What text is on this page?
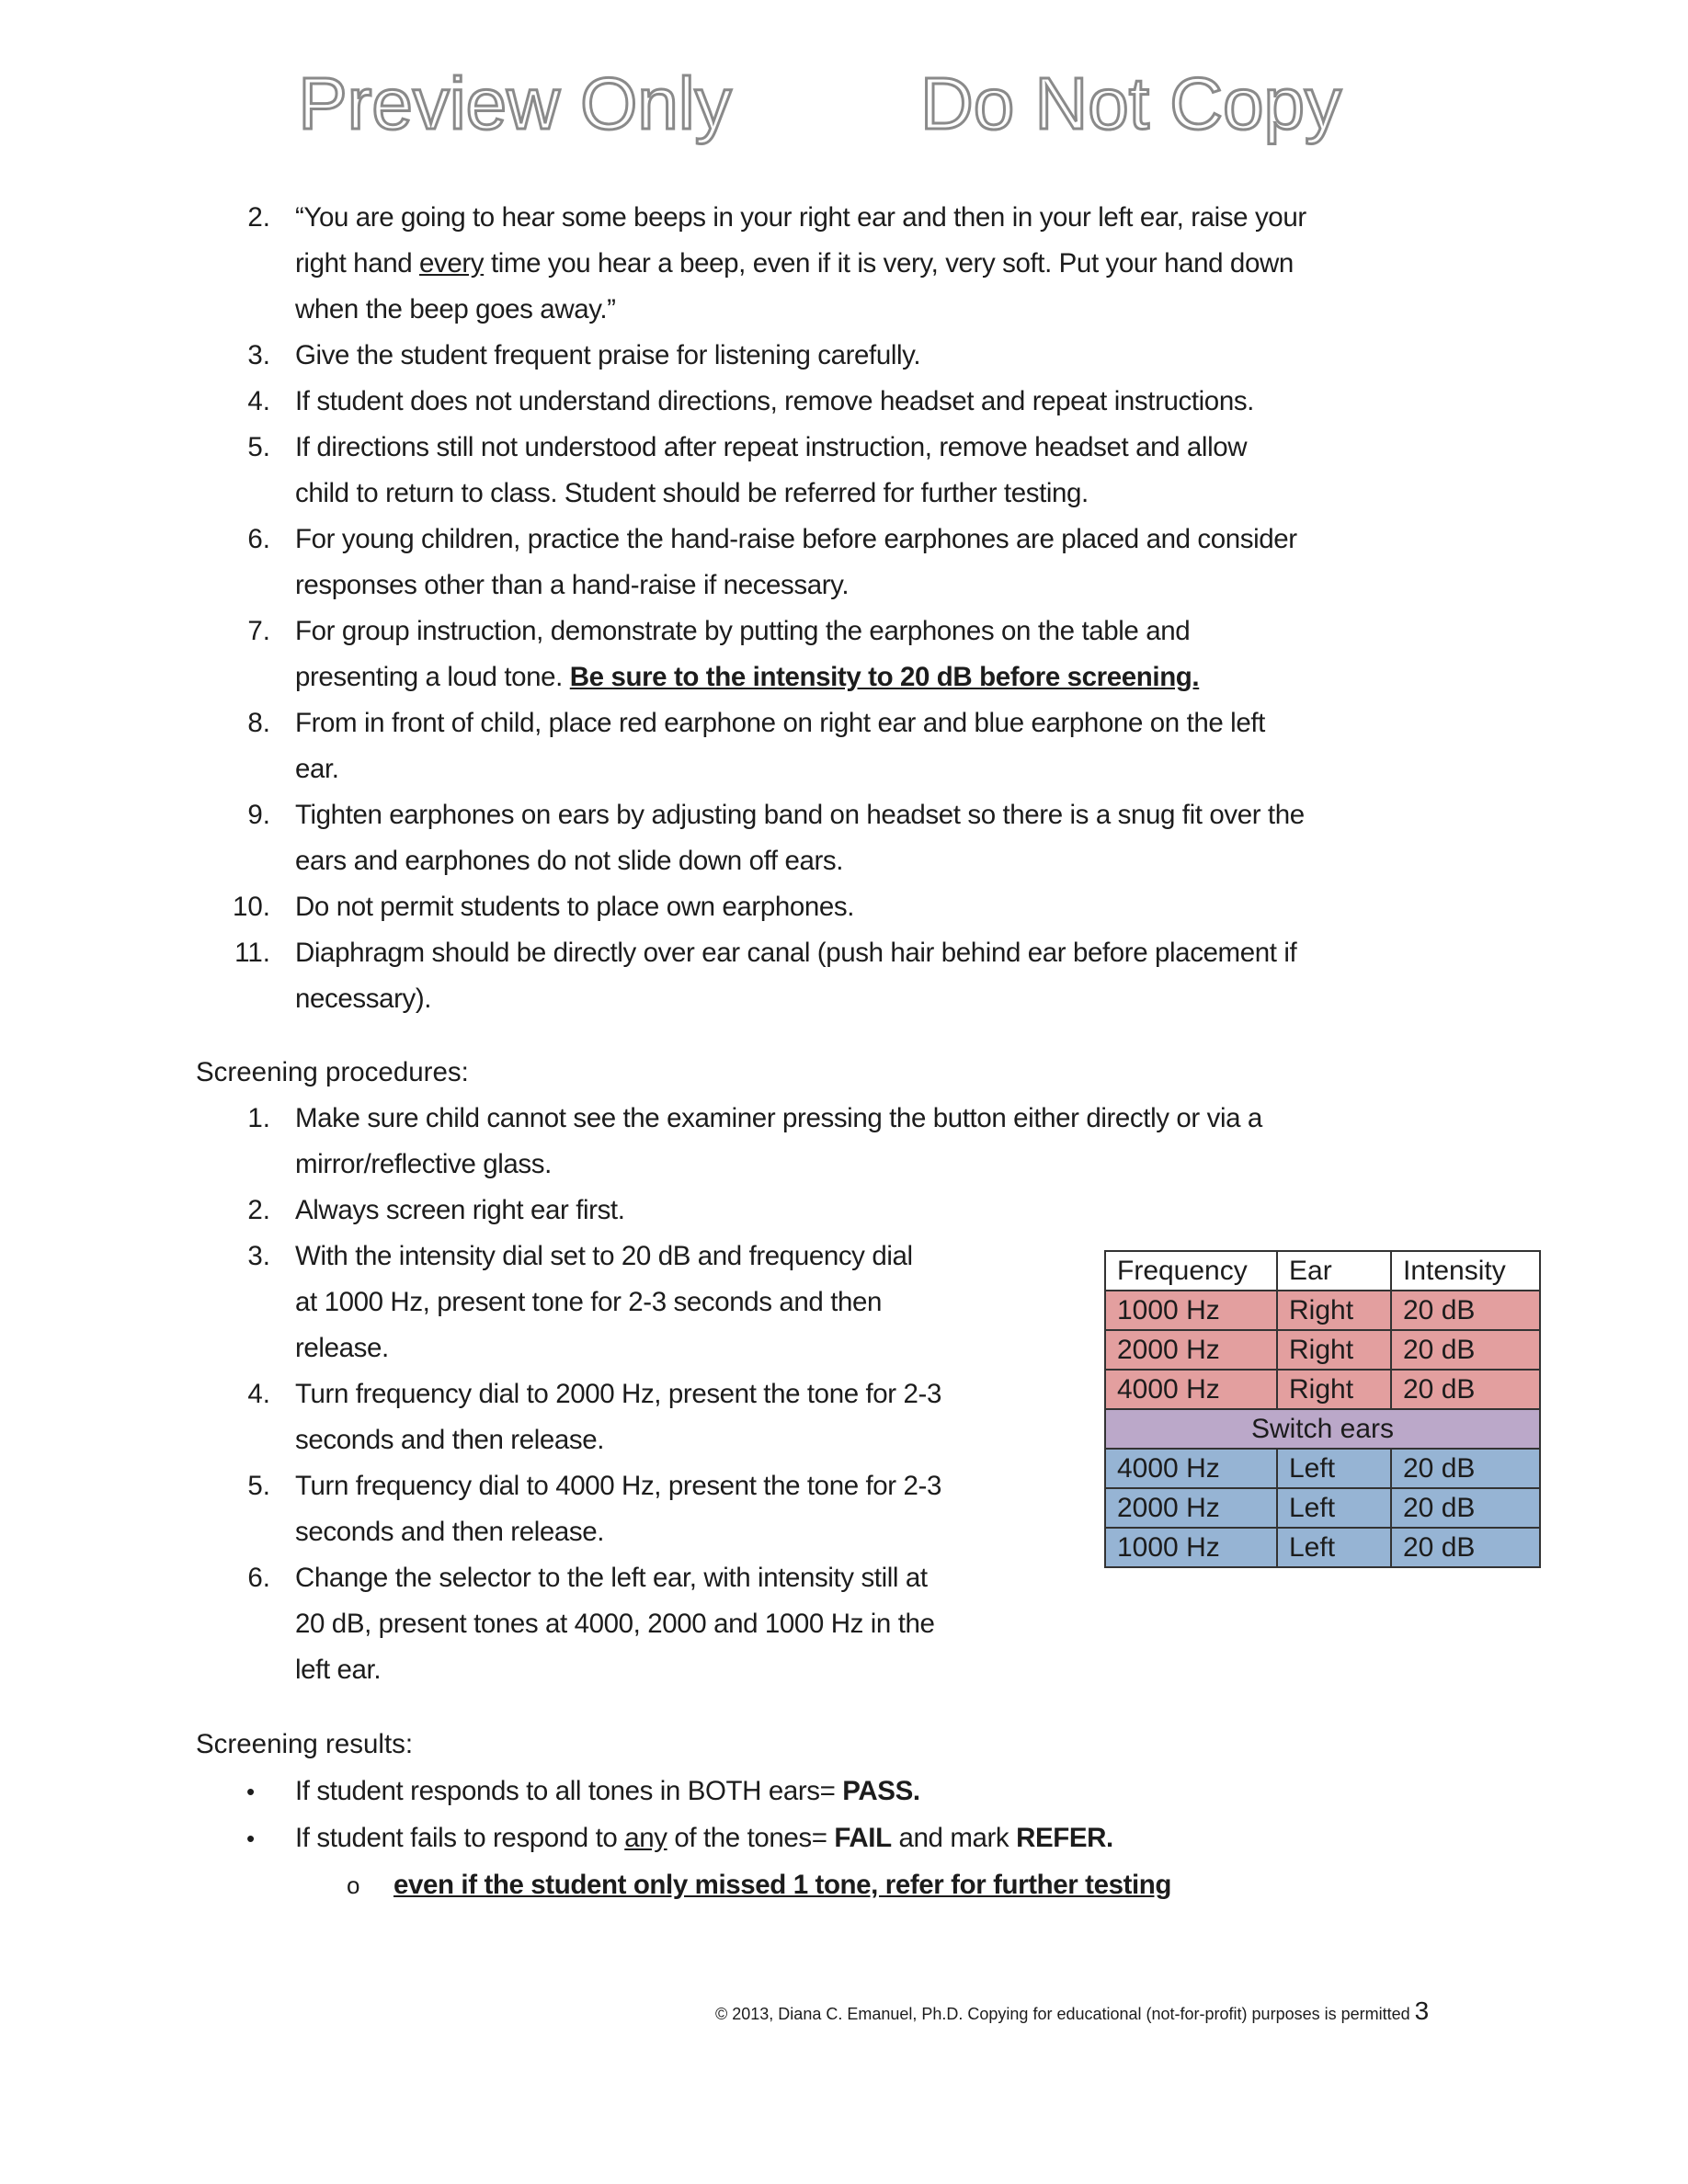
Screening procedures:
Screening results:
Frequency	Ear	Intensity
1000 Hz	Right	20 dB
2000 Hz	Right	20 dB
4000 Hz	Right	20 dB
Switch ears		
4000 Hz	Left	20 dB
2000 Hz	Left	20 dB
1000 Hz	Left	20 dB
© 2013, Diana C. Emanuel, Ph.D. Copying for educational (not-for-profit) purposes is permitted 3
2. “You are going to hear some beeps in your right ear and then in your left ear, raise your
right hand every time you hear a beep, even if it is very, very soft. Put your hand down
when the beep goes away.”
3. Give the student frequent praise for listening carefully.
4. If student does not understand directions, remove headset and repeat instructions.
5. If directions still not understood after repeat instruction, remove headset and allow
child to return to class. Student should be referred for further testing.
6. For young children, practice the hand-raise before earphones are placed and consider
responses other than a hand-raise if necessary.
7. For group instruction, demonstrate by putting the earphones on the table and
presenting a loud tone. Be sure to the intensity to 20 dB before screening.
8. From in front of child, place red earphone on right ear and blue earphone on the left
ear.
9. Tighten earphones on ears by adjusting band on headset so there is a snug fit over the
ears and earphones do not slide down off ears.
10. Do not permit students to place own earphones.
11. Diaphragm should be directly over ear canal (push hair behind ear before placement if
necessary).
1. Make sure child cannot see the examiner pressing the button either directly or via a
mirror/reflective glass.
2. Always screen right ear first.
3. With the intensity dial set to 20 dB and frequency dial
at 1000 Hz, present tone for 2-3 seconds and then
release.
4. Turn frequency dial to 2000 Hz, present the tone for 2-3
seconds and then release.
5. Turn frequency dial to 4000 Hz, present the tone for 2-3
seconds and then release.
6. Change the selector to the left ear, with intensity still at
20 dB, present tones at 4000, 2000 and 1000 Hz in the
left ear.
• If student responds to all tones in BOTH ears= PASS.
• If student fails to respond to any of the tones= FAIL and mark REFER.
o even if the student only missed 1 tone, refer for further testing
Preview Only	Do Not Copy
